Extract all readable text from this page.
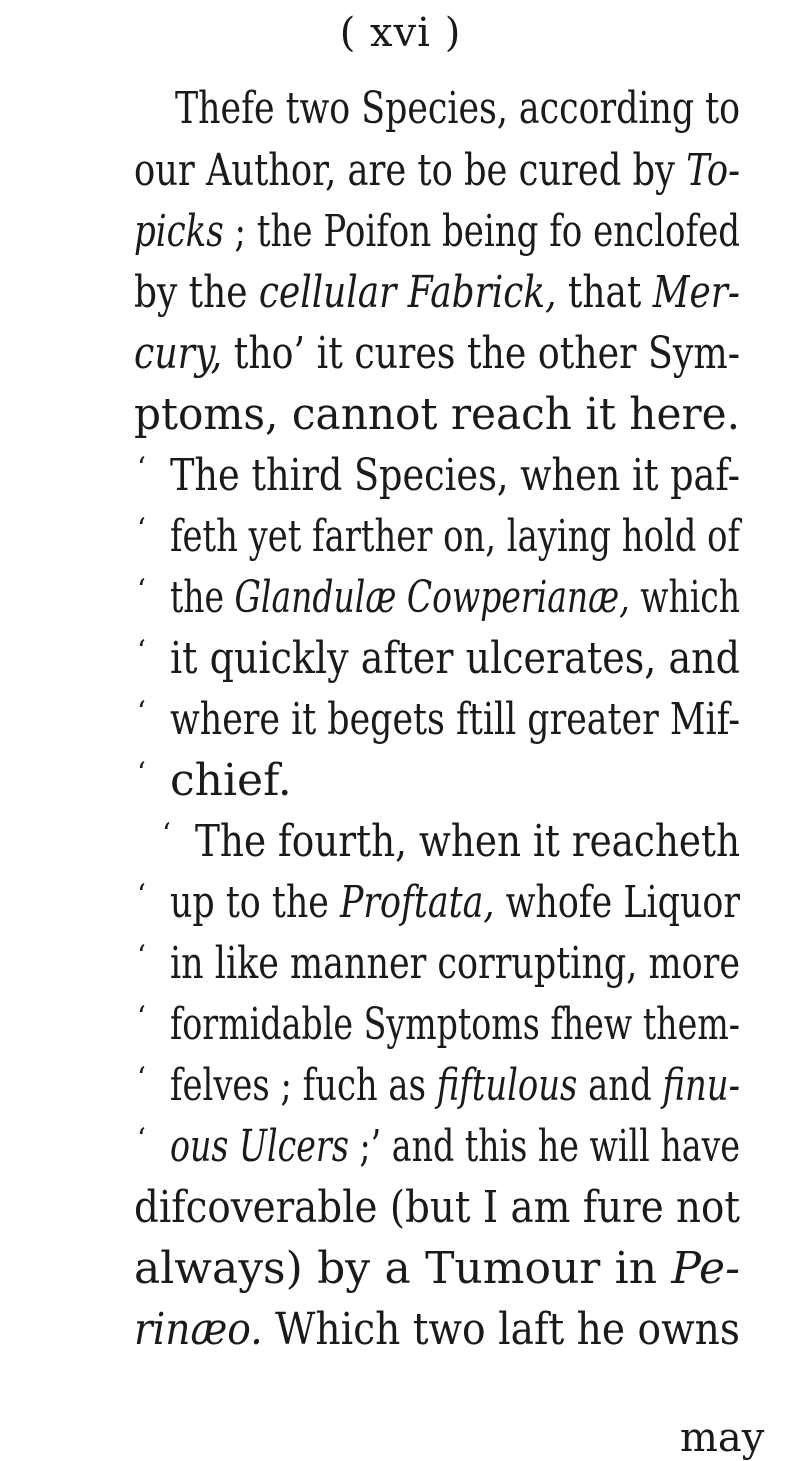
( xvi )
Thefe two Species, according to
our Author, are to be cured by To-
picks ; the Poifon being fo enclofed
by the cellular Fabrick, that Mer-
cury, tho’ it cures the other Sym-
ptoms, cannot reach it here.
‘ The third Species, when it paf-
‘ feth yet farther on, laying hold of
‘ the Glandulæ Cowperianæ, which
‘ it quickly after ulcerates, and
‘ where it begets ftill greater Mif-
‘ chief.
‘ The fourth, when it reacheth
‘ up to the Proftata, whofe Liquor
‘ in like manner corrupting, more
‘ formidable Symptoms fhew them-
‘ felves ; fuch as fiftulous and finu-
‘ ous Ulcers ;’ and this he will have
difcoverable (but I am fure not
always) by a Tumour in Pe-
rinæo. Which two laft he owns
may
